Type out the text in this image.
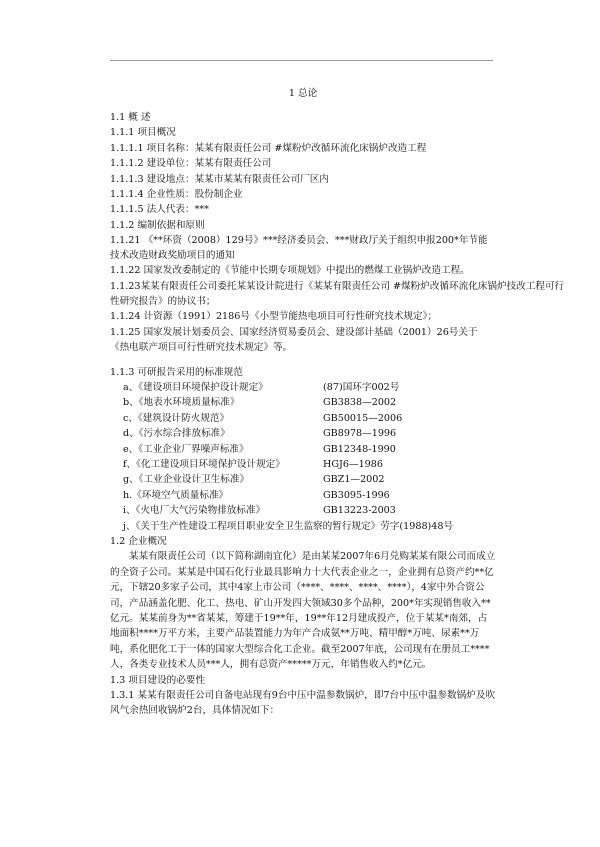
1 总论
1.1 概 述
1.1.1 项目概况
1.1.1.1 项目名称：某某有限责任公司 #煤粉炉改循环流化床锅炉改造工程
1.1.1.2 建设单位：某某有限责任公司
1.1.1.3 建设地点：某某市某某有限责任公司厂区内
1.1.1.4 企业性质：股份制企业
1.1.1.5 法人代表：***
1.1.2 编制依据和原则
1.1.21 《**环资（2008）129号》***经济委员会、***财政厅关于组织申报200*年节能技术改造财政奖励项目的通知
1.1.22 国家发改委制定的《节能中长期专项规划》中提出的燃煤工业锅炉改造工程。
1.1.23某某有限责任公司委托某某设计院进行《某某有限责任公司 #煤粉炉改循环流化床锅炉技改工程可行
性研究报告》的协议书；
1.1.24 计资源（1991）2186号《小型节能热电项目可行性研究技术规定》；
1.1.25 国家发展计划委员会、国家经济贸易委员会、建设部计基础（2001）26号关于《热电联产项目可行性研究技术规定》等。
1.1.3 可研报告采用的标准规范
a、《建设项目环境保护设计规定》	(87)国环字002号
b、《地表水环境质量标准》	GB3838—2002
c、《建筑设计防火规范》	GB50015—2006
d、《污水综合排放标准》	GB8978—1996
e、《工业企业厂界噪声标准》	GB12348-1990
f、《化工建设项目环境保护设计规定》	HGJ6—1986
g、《工业企业设计卫生标准》	GBZ1—2002
h.《环境空气质量标准》	GB3095-1996
i、《火电厂大气污染物排放标准》	GB13223-2003
j、《关于生产性建设工程项目职业安全卫生监察的暂行规定》劳字(1988)48号
1.2 企业概况
某某有限责任公司（以下简称湖南宜化）是由某某2007年6月兑购某某有限公司而成立的全资子公司。某某是中国石化行业最具影响力十大代表企业之一，企业拥有总资产约**亿元，下辖20多家子公司，其中4家上市公司（****、****、****、****），4家中外合资公司，产品涵盖化肥、化工、热电、矿山开发四大领域30多个品种，200*年实现销售收入**亿元。某某前身为**省某某，筹建于19**年，19**年12月建成投产，位于某某*南郊，占地面积****万平方米，主要产品装置能力为年产合成氨**万吨、精甲醇*万吨、尿素**万吨，系化肥化工于一体的国家大型综合化工企业。截至2007年底，公司现有在册员工****人，各类专业技术人员***人，拥有总资产*****万元，年销售收入约*亿元。
1.3 项目建设的必要性
1.3.1 某某有限责任公司自备电站现有9台中压中温参数锅炉，即7台中压中温参数锅炉及吹风气余热回收锅炉2台，具体情况如下：
